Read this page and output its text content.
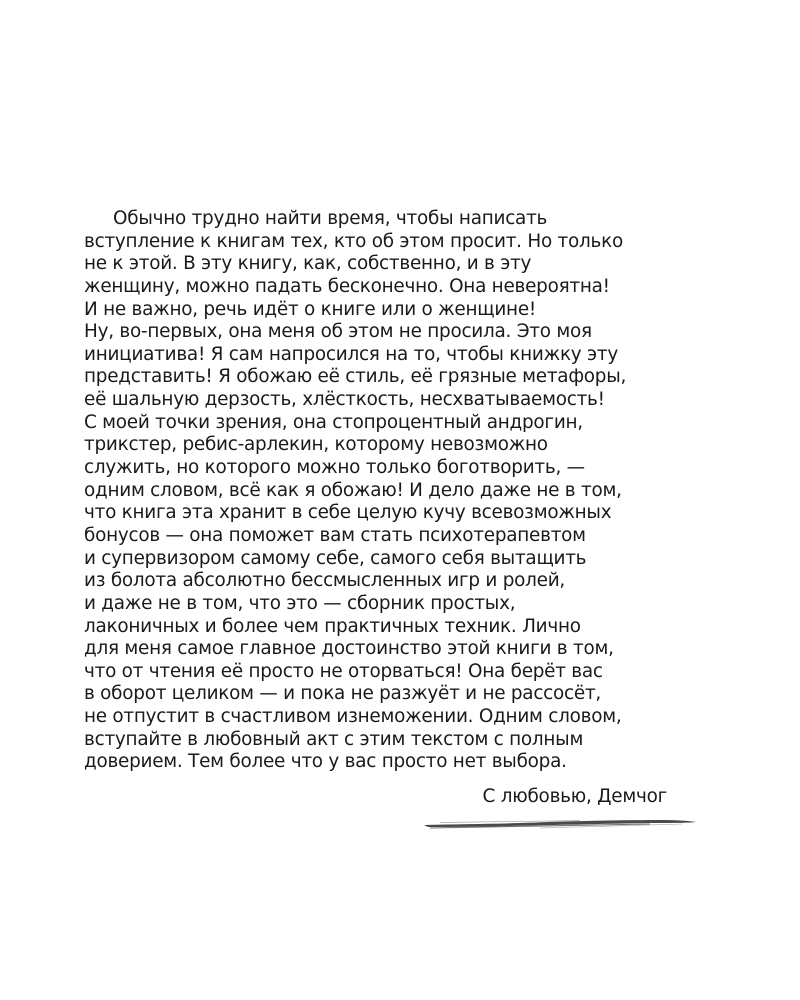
Обычно трудно найти время, чтобы написать
вступление к книгам тех, кто об этом просит. Но только
не к этой. В эту книгу, как, собственно, и в эту
женщину, можно падать бесконечно. Она невероятна!
И не важно, речь идёт о книге или о женщине!
Ну, во-первых, она меня об этом не просила. Это моя
инициатива! Я сам напросился на то, чтобы книжку эту
представить! Я обожаю её стиль, её грязные метафоры,
её шальную дерзость, хлёсткость, несхватываемость!
С моей точки зрения, она стопроцентный андрогин,
трикстер, ребис-арлекин, которому невозможно
служить, но которого можно только боготворить, —
одним словом, всё как я обожаю! И дело даже не в том,
что книга эта хранит в себе целую кучу всевозможных
бонусов — она поможет вам стать психотерапевтом
и супервизором самому себе, самого себя вытащить
из болота абсолютно бессмысленных игр и ролей,
и даже не в том, что это — сборник простых,
лаконичных и более чем практичных техник. Лично
для меня самое главное достоинство этой книги в том,
что от чтения её просто не оторваться! Она берёт вас
в оборот целиком — и пока не разжуёт и не рассосёт,
не отпустит в счастливом изнеможении. Одним словом,
вступайте в любовный акт с этим текстом с полным
доверием. Тем более что у вас просто нет выбора.
С любовью, Демчог
